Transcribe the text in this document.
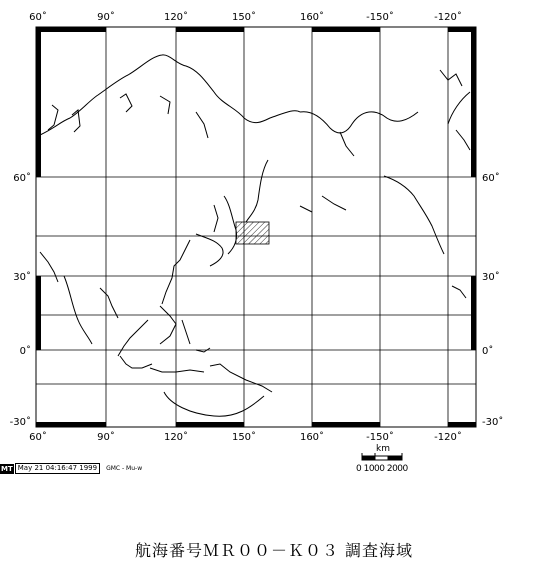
60˚	90˚	120˚	150˚	160˚	-150˚	-120˚
60˚	90˚	120˚	150˚	160˚	-150˚	-120˚
60˚
30˚
0˚
-30˚
60˚
30˚
0˚
-30˚
km
0 1000 2000
MT May 21 04:16:47 1999	GMC - Mu-w
航海番号ＭＲ００－Ｋ０３ 調査海域
